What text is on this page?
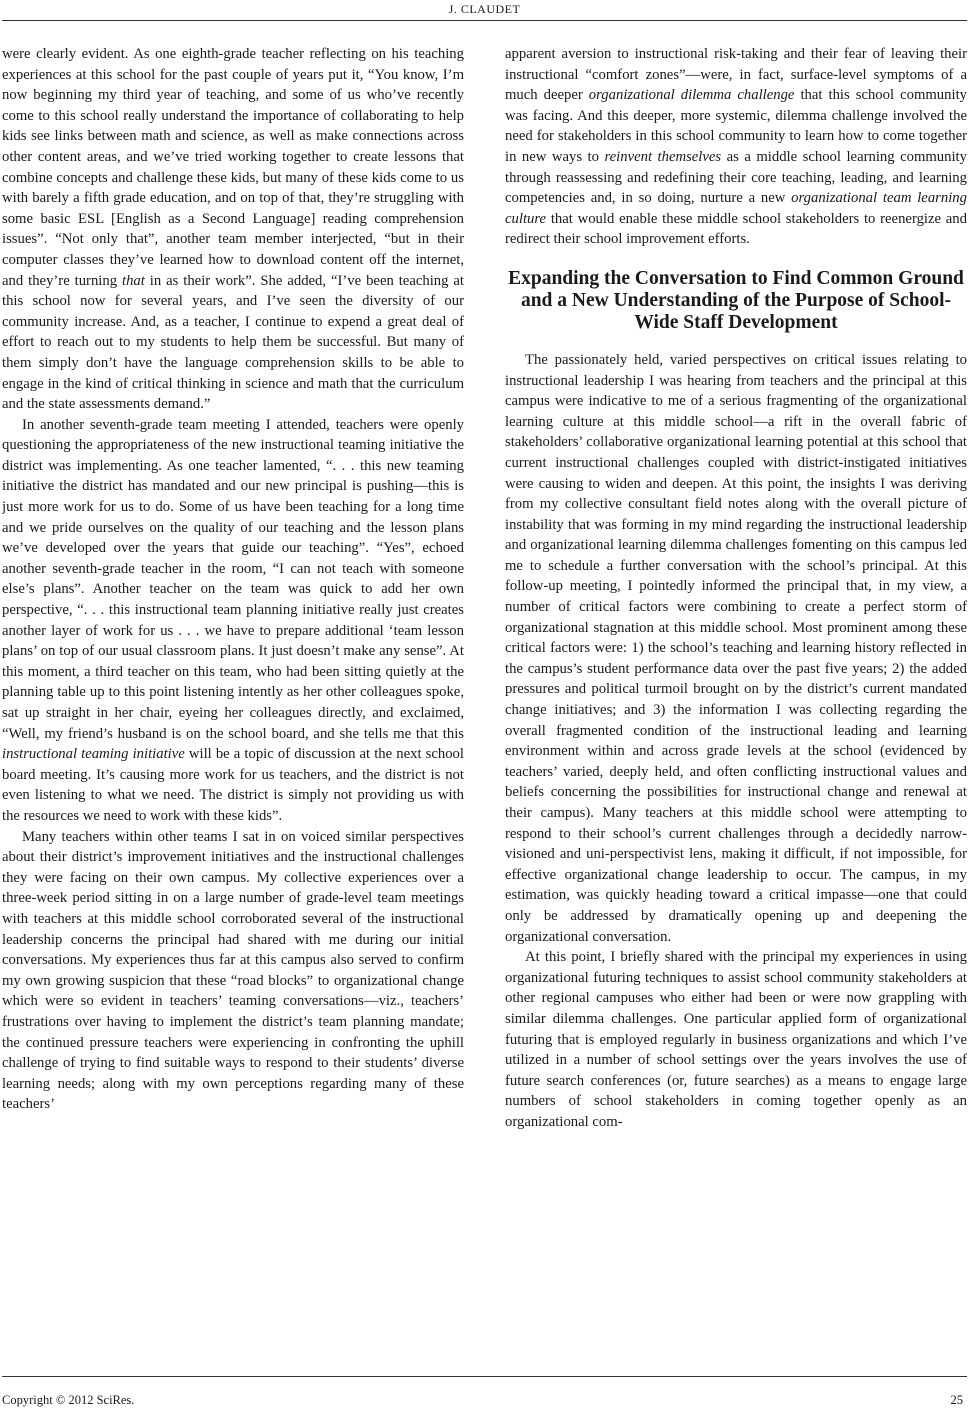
J. CLAUDET

were clearly evident. As one eighth-grade teacher reflecting on his teaching experiences at this school for the past couple of years put it, “You know, I’m now beginning my third year of teaching, and some of us who’ve recently come to this school really understand the importance of collaborating to help kids see links between math and science, as well as make connections across other content areas, and we’ve tried working together to create lessons that combine concepts and challenge these kids, but many of these kids come to us with barely a fifth grade education, and on top of that, they’re struggling with some basic ESL [English as a Second Language] reading comprehension issues”. “Not only that”, another team member interjected, “but in their computer classes they’ve learned how to download content off the internet, and they’re turning that in as their work”. She added, “I’ve been teaching at this school now for several years, and I’ve seen the diversity of our community increase. And, as a teacher, I continue to expend a great deal of effort to reach out to my students to help them be successful. But many of them simply don’t have the language comprehension skills to be able to engage in the kind of critical thinking in science and math that the curriculum and the state assessments demand.”

In another seventh-grade team meeting I attended, teachers were openly questioning the appropriateness of the new instructional teaming initiative the district was implementing. As one teacher lamented, “. . . this new teaming initiative the district has mandated and our new principal is pushing—this is just more work for us to do. Some of us have been teaching for a long time and we pride ourselves on the quality of our teaching and the lesson plans we’ve developed over the years that guide our teaching”. “Yes”, echoed another seventh-grade teacher in the room, “I can not teach with someone else’s plans”. Another teacher on the team was quick to add her own perspective, “. . . this instructional team planning initiative really just creates another layer of work for us . . . we have to prepare additional ‘team lesson plans’ on top of our usual classroom plans. It just doesn’t make any sense”. At this moment, a third teacher on this team, who had been sitting quietly at the planning table up to this point listening intently as her other colleagues spoke, sat up straight in her chair, eyeing her colleagues directly, and exclaimed, “Well, my friend’s husband is on the school board, and she tells me that this instructional teaming initiative will be a topic of discussion at the next school board meeting. It’s causing more work for us teachers, and the district is not even listening to what we need. The district is simply not providing us with the resources we need to work with these kids”.

Many teachers within other teams I sat in on voiced similar perspectives about their district’s improvement initiatives and the instructional challenges they were facing on their own campus. My collective experiences over a three-week period sitting in on a large number of grade-level team meetings with teachers at this middle school corroborated several of the instructional leadership concerns the principal had shared with me during our initial conversations. My experiences thus far at this campus also served to confirm my own growing suspicion that these “road blocks” to organizational change which were so evident in teachers’ teaming conversations—viz., teachers’ frustrations over having to implement the district’s team planning mandate; the continued pressure teachers were experiencing in confronting the uphill challenge of trying to find suitable ways to respond to their students’ diverse learning needs; along with my own perceptions regarding many of these teachers’

apparent aversion to instructional risk-taking and their fear of leaving their instructional “comfort zones”—were, in fact, surface-level symptoms of a much deeper organizational dilemma challenge that this school community was facing. And this deeper, more systemic, dilemma challenge involved the need for stakeholders in this school community to learn how to come together in new ways to reinvent themselves as a middle school learning community through reassessing and redefining their core teaching, leading, and learning competencies and, in so doing, nurture a new organizational team learning culture that would enable these middle school stakeholders to reenergize and redirect their school improvement efforts.

Expanding the Conversation to Find Common Ground and a New Understanding of the Purpose of School-Wide Staff Development

The passionately held, varied perspectives on critical issues relating to instructional leadership I was hearing from teachers and the principal at this campus were indicative to me of a serious fragmenting of the organizational learning culture at this middle school—a rift in the overall fabric of stakeholders’ collaborative organizational learning potential at this school that current instructional challenges coupled with district-instigated initiatives were causing to widen and deepen. At this point, the insights I was deriving from my collective consultant field notes along with the overall picture of instability that was forming in my mind regarding the instructional leadership and organizational learning dilemma challenges fomenting on this campus led me to schedule a further conversation with the school’s principal. At this follow-up meeting, I pointedly informed the principal that, in my view, a number of critical factors were combining to create a perfect storm of organizational stagnation at this middle school. Most prominent among these critical factors were: 1) the school’s teaching and learning history reflected in the campus’s student performance data over the past five years; 2) the added pressures and political turmoil brought on by the district’s current mandated change initiatives; and 3) the information I was collecting regarding the overall fragmented condition of the instructional leading and learning environment within and across grade levels at the school (evidenced by teachers’ varied, deeply held, and often conflicting instructional values and beliefs concerning the possibilities for instructional change and renewal at their campus). Many teachers at this middle school were attempting to respond to their school’s current challenges through a decidedly narrow-visioned and uni-perspectivist lens, making it difficult, if not impossible, for effective organizational change leadership to occur. The campus, in my estimation, was quickly heading toward a critical impasse—one that could only be addressed by dramatically opening up and deepening the organizational conversation.

At this point, I briefly shared with the principal my experiences in using organizational futuring techniques to assist school community stakeholders at other regional campuses who either had been or were now grappling with similar dilemma challenges. One particular applied form of organizational futuring that is employed regularly in business organizations and which I’ve utilized in a number of school settings over the years involves the use of future search conferences (or, future searches) as a means to engage large numbers of school stakeholders in coming together openly as an organizational com-

Copyright © 2012 SciRes.	25
